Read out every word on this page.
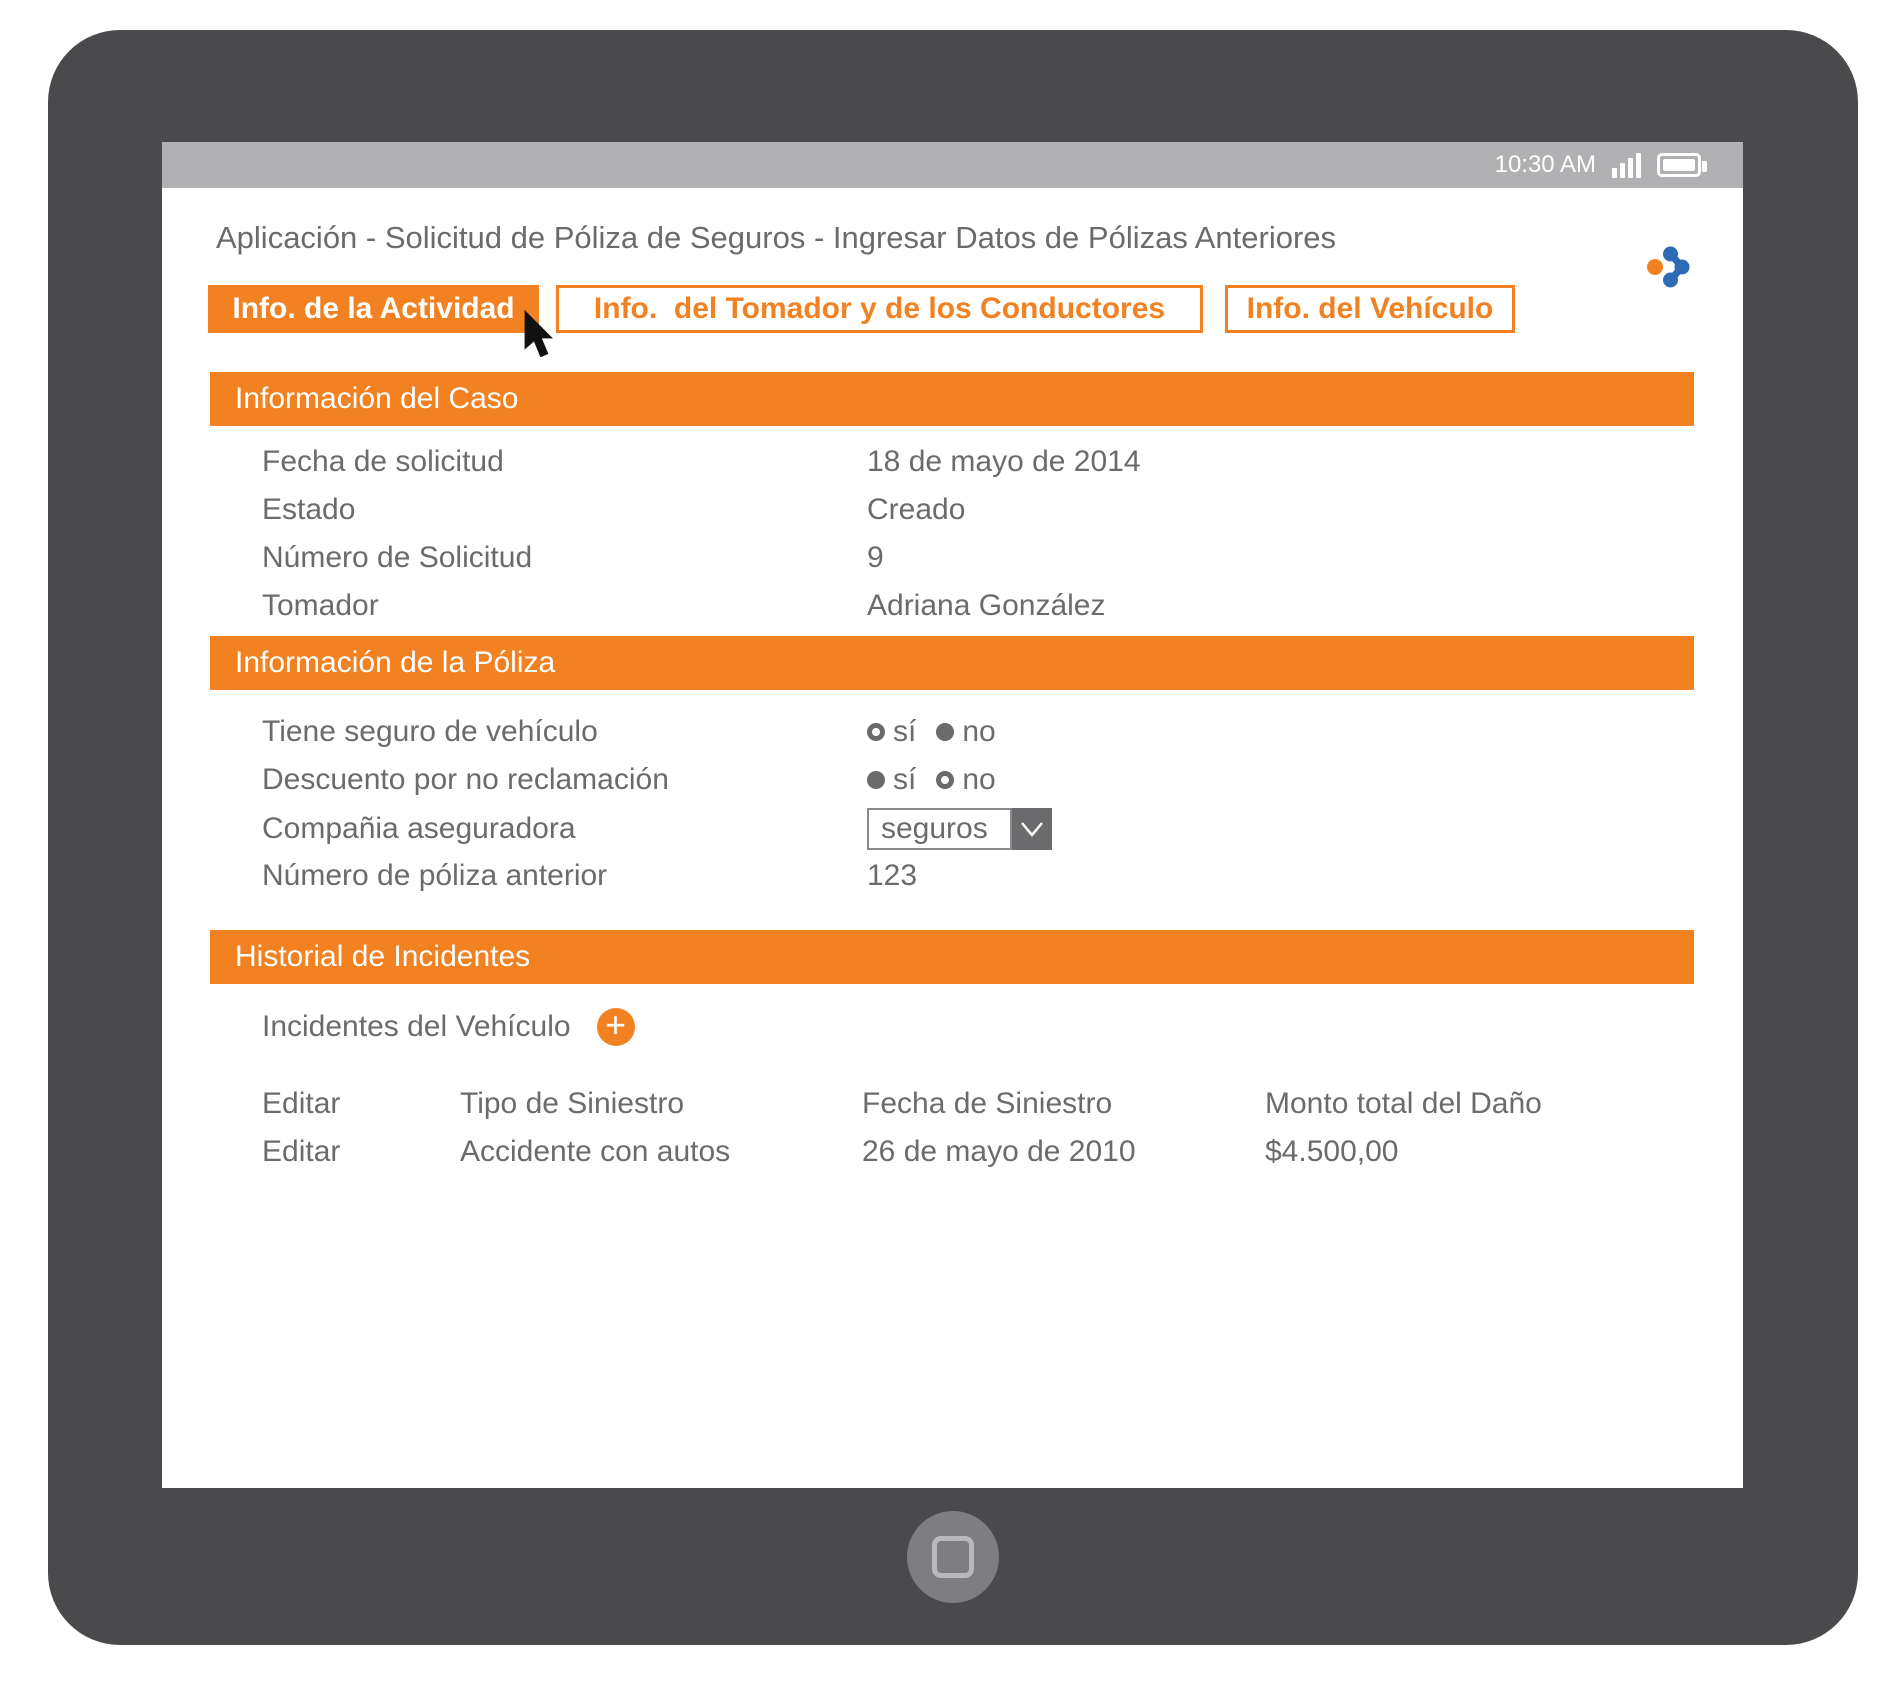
10:30 AM
Aplicación - Solicitud de Póliza de Seguros - Ingresar Datos de Pólizas Anteriores
Info. de la Actividad	Info.  del Tomador y de los Conductores	Info. del Vehículo
Información del Caso
Fecha de solicitud	18 de mayo de 2014
Estado	Creado
Número de Solicitud	9
Tomador	Adriana González
Información de la Póliza
Tiene seguro de vehículo	sí no
Descuento por no reclamación	sí no
Compañia aseguradora	seguros
Número de póliza anterior	123
Historial de Incidentes
Incidentes del Vehículo
+
Editar	Tipo de Siniestro	Fecha de Siniestro	Monto total del Daño
Editar	Accidente con autos	26 de mayo de 2010	$4.500,00
